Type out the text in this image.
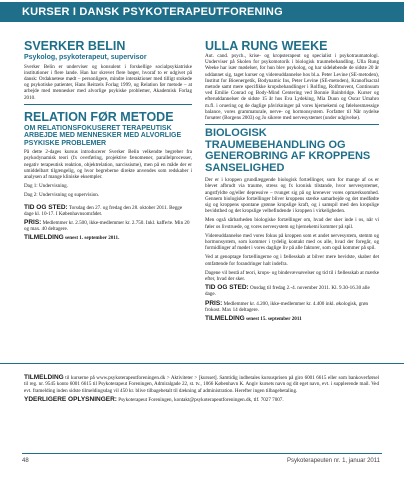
KURSER I DANSK PSYKOTERAPEUTFORENING
SVERKER BELIN
Psykolog, psykoterapeut, supervisor

Sverker Belin er underviser og konsulent i forskellige socialpsykiatriske institutioner i flere lande. Han har skrevet flere bøger, hvoraf to er udgivet på dansk: Ordaknetese mødt – personligere, mindre interaktioner med tilligt stokede og psykotiske patienter, Hans Reitzels Forlag 1999, og Relation før metode – at arbejde med mennesker med alvorlige psykiske problemer, Akademisk Forlag 2010.

RELATION FØR METODE
OM RELATIONSFOKUSERET TERAPEUTISK ARBEJDE MED MENNESKER MED ALVORLIGE PSYKISKE PROBLEMER

På dette 2-dages kursus introducerer Sverker Belin velkendte begreber fra psykodynamisk teori (fx overføring, projektive fænomener, parallelprocesser, negativ terapeutisk reaktion, objektrelation, narcissisme), men på en måde der er umiddelbart tilgængelig, og hvor begreberne direkte anvendes som redskaber i analysen af mange kliniske eksempler.

Dag 1: Undervisning.
Dag 2: Undervisning og supervision.

TID OG STED: Torsdag den 27. og fredag den 28. oktober 2011. Begge dage kl. 10-17. I Københavnsområdet.

PRIS: Medlemmer kr. 2.500, ikke-medlemmer kr. 2.750. Inkl. kaffe/te. Min 20 og max. 40 deltagere.

TILMELDING senest 1. september 2011.

ULLA RUNG WEEKE

Aut. cand. psych., krise- og kropsterapeut og specialist i psykotraumatologi. Underviser på Skolen for psykomotorik i biologisk traumebehandling. Ulla Rung Weeke har især mødelser, for hun blev psykolog, og har sideløbende de sidste 20 år uddannet sig, taget kurser og videreuddannelse hos bl.a. Peter Levine (SE-metoden), Institut for Bioenergetik, Bodynamic Ins, Peter Levine (SE-metoden), Kranoflsacral metode samt mere specifikke kropsbehandlinger i Rolfing, Rolfmovent, Continuum ved Emilie Conrad og Body-Mind Centering ved Bonnie Bainbridge. Kurser og efteruddannelser de sidste 15 år hos Eva Lydeking, Mia Duun og Oscar Umahro m.fl. i oruering og de daglige påvirkninger på vores hjernekemi og følelsesmæssige balance, vores grammaturale, nerve- og hormonsystem. Forfatter til Når nydelse forsører (Borgens 2003) og Jo sikrere med nervesystemet (under udgivelse).

BIOLOGISK TRAUMEBEHANDLING OG GENEROBRING AF KROPPENS SANSELIGHED

Der er i kroppen grundlæggende biologisk fortællinger, som for mange af os er blevet afbrudt via traume, stress og fx kronisk tilstande, hvor nervesystemet, angstfyldte og/eller depressive – tvunget sig på og krenever vores opmærksomhed. Gennem biologiske fortællinger bliver kroppens stærke samarbejde og det medfødte sig og kroppens spontane grønne kropslige kraft, og i samspil med den kropslige bevidsthed og det kropslige velbefindende i kroppen i virkeligheden.

Men også sårbarheden biologiske fortællinger om, hvad der sker inde i os, når vi føler os livstruede, og vores nervesystem og hjernekemi kommer på spil.

Videreuddannelse med vores fokus på kroppen som et andet nervesystem, stemm og hormonsystem, som kommer i tydelig kontakt med os alle, hvad der foregår, og formidlinger af mødet i vores daglige liv på alle faktorer, som også kommer på spil.

Ved at genoptage fortællingerne og i fællesskab at bilver mere bevidste, skaber det omfattende for forandringer halt indefra.

Dagene vil bestå af teori, krops- og bindevævsøvelser og tid til i fællesskab at mærke efter, hvad der sker.

TID OG STED: Onsdag til fredag 2.-4. november 2011. Kl. 9.30-16.30 alle dage.

PRIS: Medlemmer kr. 4.200, ikke-medlemmer kr. 4.400 inkl. økologisk, grøn frokost. Max 14 deltagere.

TILMELDING senest 15. september 2011

TILMELDING til kurserne på www.psykoterapeutforeningen.dk > Aktiviteter > [kursset]. Samtidig indbetales kursusprisen på giro 6001 6615 eller som bankoverførsel til reg. nr. 9545 konto 6001 6615 til Psykoterapeut Foreningen, Admiralgade 22, st. tv., 1066 København K. Angiv kursets navn og dit eget navn, evt. i supplerende mail. Ved evt. framelding inden sidste tilmeldingsdag vil 450 kr. blive tilbagebetalt til dækning af administration. Herefter ingen tilbagebetaling.

YDERLIGERE OPLYSNINGER: Psykoterapeut Foreningen, kontakt@psykoterapeutforeningen.dk, tlf. 7027 7007.

48	Psykoterapeuten nr. 1, januar 2011
